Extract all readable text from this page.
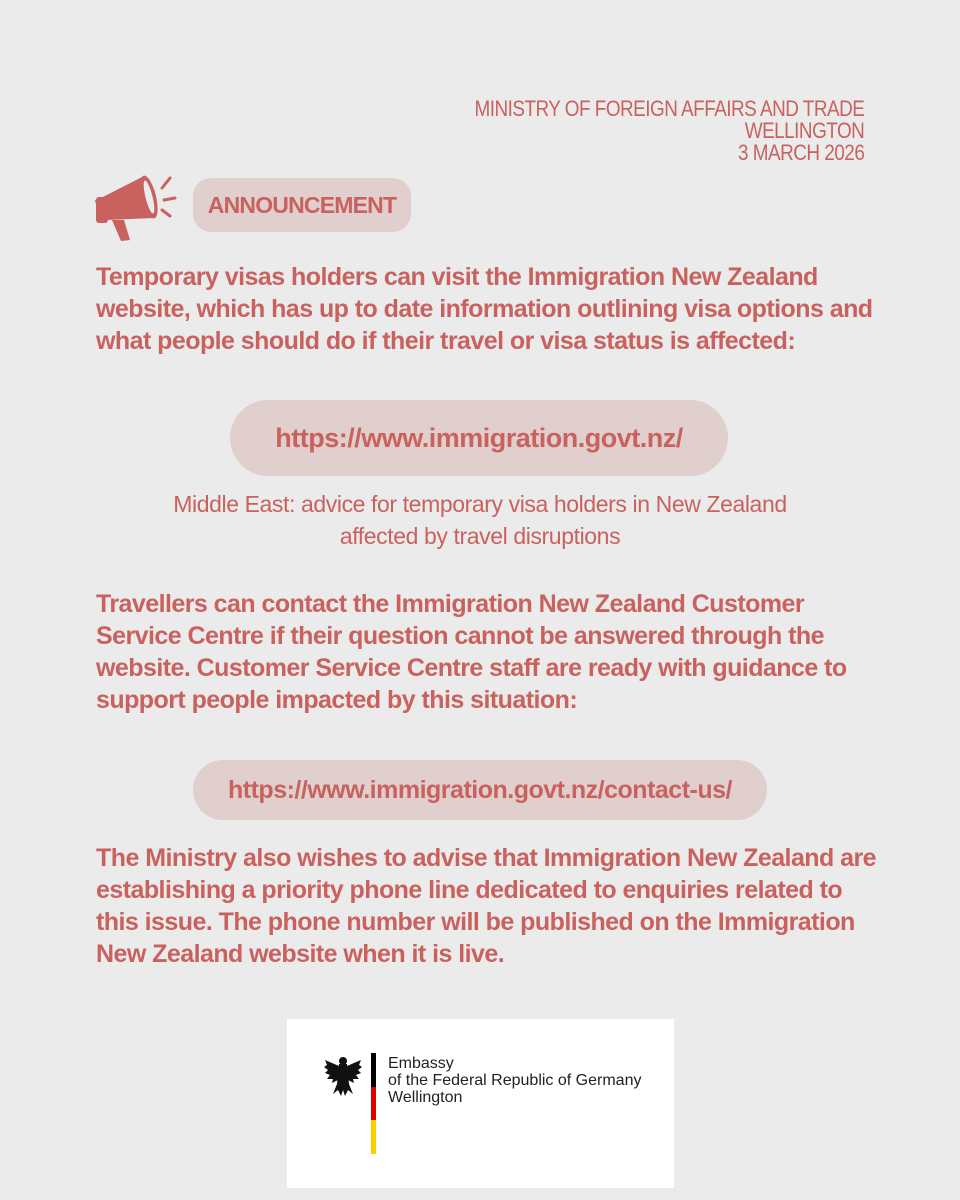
MINISTRY OF FOREIGN AFFAIRS AND TRADE
WELLINGTON
3 MARCH 2026
ANNOUNCEMENT
Temporary visas holders can visit the Immigration New Zealand website, which has up to date information outlining visa options and what people should do if their travel or visa status is affected:
https://www.immigration.govt.nz/
Middle East: advice for temporary visa holders in New Zealand
affected by travel disruptions
Travellers can contact the Immigration New Zealand Customer Service Centre if their question cannot be answered through the website. Customer Service Centre staff are ready with guidance to support people impacted by this situation:
https://www.immigration.govt.nz/contact-us/
The Ministry also wishes to advise that Immigration New Zealand are establishing a priority phone line dedicated to enquiries related to this issue. The phone number will be published on the Immigration New Zealand website when it is live.
Embassy
of the Federal Republic of Germany
Wellington
